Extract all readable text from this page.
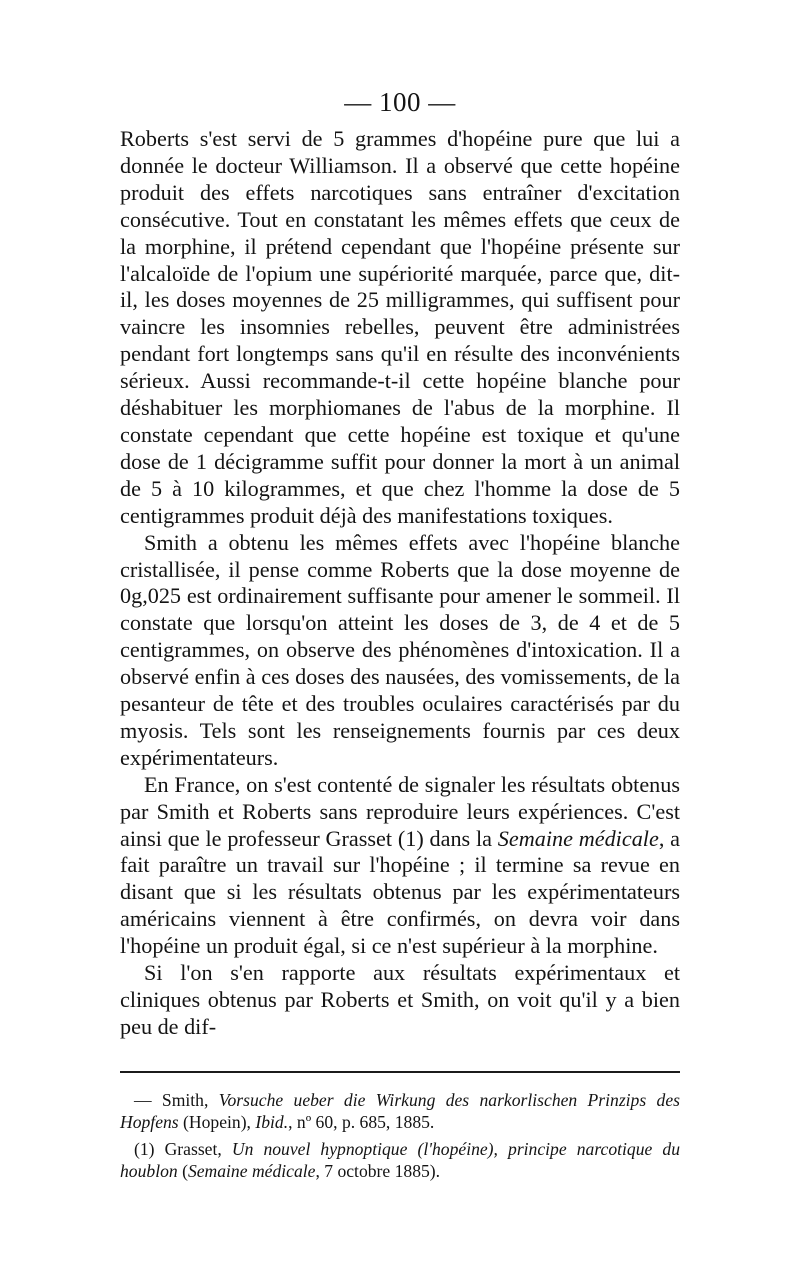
— 100 —

Roberts s'est servi de 5 grammes d'hopéine pure que lui a donnée le docteur Williamson. Il a observé que cette hopéine produit des effets narcotiques sans entraîner d'excitation consécutive. Tout en constatant les mêmes effets que ceux de la morphine, il prétend cependant que l'hopéine présente sur l'alcaloïde de l'opium une supériorité marquée, parce que, dit-il, les doses moyennes de 25 milligrammes, qui suffisent pour vaincre les insomnies rebelles, peuvent être administrées pendant fort longtemps sans qu'il en résulte des inconvénients sérieux. Aussi recommande-t-il cette hopéine blanche pour déshabituer les morphiomanes de l'abus de la morphine. Il constate cependant que cette hopéine est toxique et qu'une dose de 1 décigramme suffit pour donner la mort à un animal de 5 à 10 kilogrammes, et que chez l'homme la dose de 5 centigrammes produit déjà des manifestations toxiques.

Smith a obtenu les mêmes effets avec l'hopéine blanche cristallisée, il pense comme Roberts que la dose moyenne de 0g,025 est ordinairement suffisante pour amener le sommeil. Il constate que lorsqu'on atteint les doses de 3, de 4 et de 5 centigrammes, on observe des phénomènes d'intoxication. Il a observé enfin à ces doses des nausées, des vomissements, de la pesanteur de tête et des troubles oculaires caractérisés par du myosis. Tels sont les renseignements fournis par ces deux expérimentateurs.

En France, on s'est contenté de signaler les résultats obtenus par Smith et Roberts sans reproduire leurs expériences. C'est ainsi que le professeur Grasset (1) dans la Semaine médicale, a fait paraître un travail sur l'hopéine ; il termine sa revue en disant que si les résultats obtenus par les expérimentateurs américains viennent à être confirmés, on devra voir dans l'hopéine un produit égal, si ce n'est supérieur à la morphine.

Si l'on s'en rapporte aux résultats expérimentaux et cliniques obtenus par Roberts et Smith, on voit qu'il y a bien peu de dif-

— Smith, Vorsuche ueber die Wirkung des narkorlischen Prinzips des Hopfens (Hopein), Ibid., nº 60, p. 685, 1885.

(1) Grasset, Un nouvel hypnoptique (l'hopéine), principe narcotique du houblon (Semaine médicale, 7 octobre 1885).
